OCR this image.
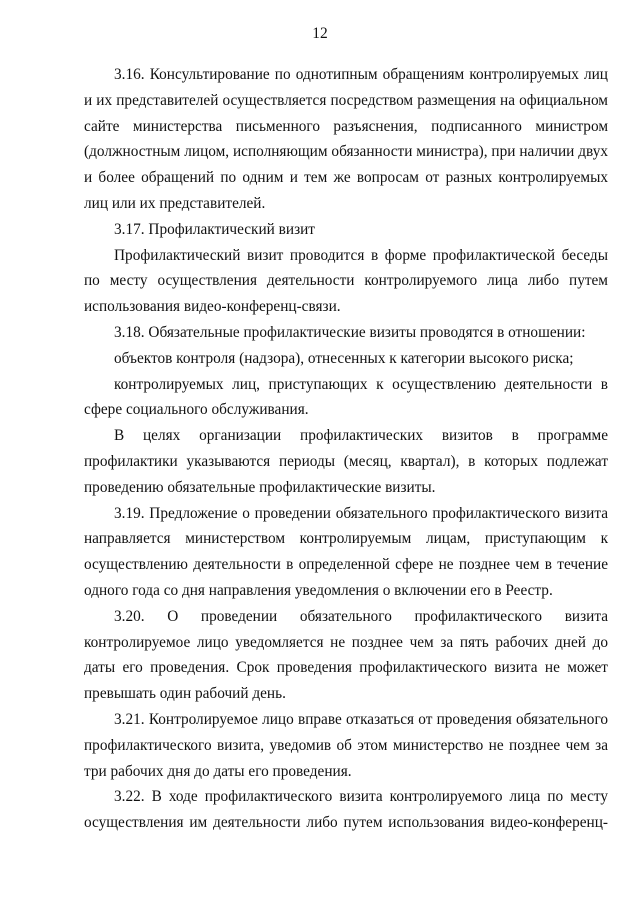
12

3.16. Консультирование по однотипным обращениям контролируемых лиц и их представителей осуществляется посредством размещения на официальном сайте министерства письменного разъяснения, подписанного министром (должностным лицом, исполняющим обязанности министра), при наличии двух и более обращений по одним и тем же вопросам от разных контролируемых лиц или их представителей.

3.17. Профилактический визит

Профилактический визит проводится в форме профилактической беседы по месту осуществления деятельности контролируемого лица либо путем использования видео-конференц-связи.

3.18. Обязательные профилактические визиты проводятся в отношении:

объектов контроля (надзора), отнесенных к категории высокого риска;

контролируемых лиц, приступающих к осуществлению деятельности в сфере социального обслуживания.

В целях организации профилактических визитов в программе профилактики указываются периоды (месяц, квартал), в которых подлежат проведению обязательные профилактические визиты.

3.19. Предложение о проведении обязательного профилактического визита направляется министерством контролируемым лицам, приступающим к осуществлению деятельности в определенной сфере не позднее чем в течение одного года со дня направления уведомления о включении его в Реестр.

3.20. О проведении обязательного профилактического визита контролируемое лицо уведомляется не позднее чем за пять рабочих дней до даты его проведения. Срок проведения профилактического визита не может превышать один рабочий день.

3.21. Контролируемое лицо вправе отказаться от проведения обязательного профилактического визита, уведомив об этом министерство не позднее чем за три рабочих дня до даты его проведения.

3.22. В ходе профилактического визита контролируемого лица по месту осуществления им деятельности либо путем использования видео-конференц-
